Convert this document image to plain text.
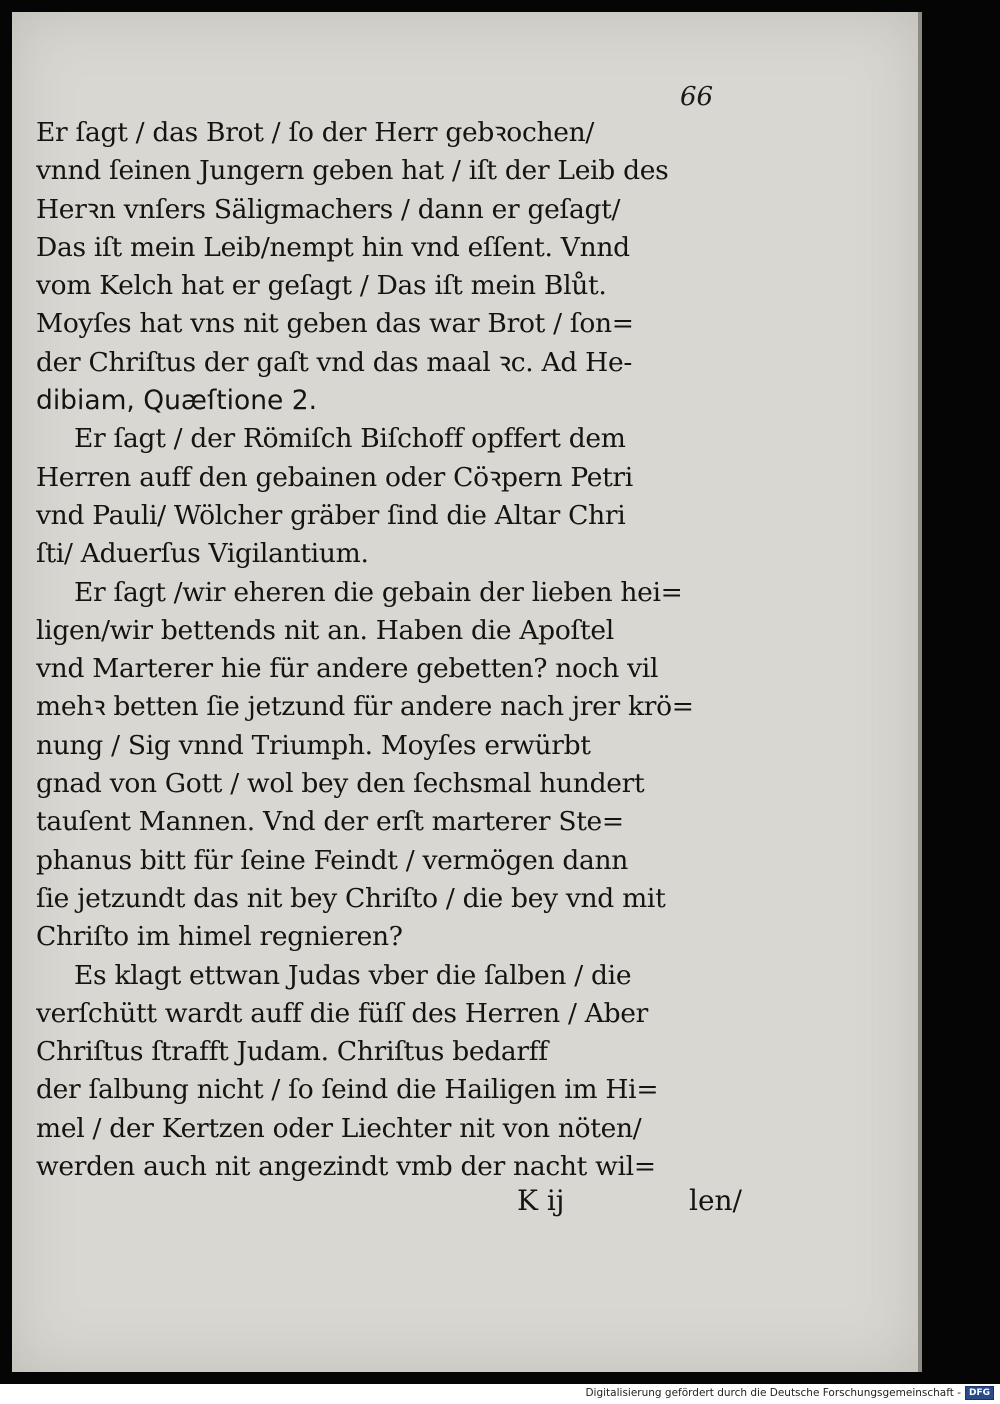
66
Er ſagt / das Brot / ſo der Herr gebꝛochen/
vnnd ſeinen Jungern geben hat / iſt der Leib des
Herꝛn vnſers Säligmachers / dann er geſagt/
Das iſt mein Leib/nempt hin vnd eſſent. Vnnd
vom Kelch hat er geſagt / Das iſt mein Blůt.
Moyſes hat vns nit geben das war Brot / ſon=
der Chriſtus der gaſt vnd das maal ꝛc. Ad He-
dibiam, Quæſtione 2.
Er ſagt / der Römiſch Biſchoff opffert dem
Herren auff den gebainen oder Cöꝛpern Petri
vnd Pauli/ Wölcher gräber ſind die Altar Chri
ſti/ Aduerſus Vigilantium.
Er ſagt /wir eheren die gebain der lieben hei=
ligen/wir bettends nit an. Haben die Apoſtel
vnd Marterer hie für andere gebetten? noch vil
mehꝛ betten ſie jetzund für andere nach jrer krö=
nung / Sig vnnd Triumph. Moyſes erwürbt
gnad von Gott / wol bey den ſechsmal hundert
tauſent Mannen. Vnd der erſt marterer Ste=
phanus bitt für ſeine Feindt / vermögen dann
ſie jetzundt das nit bey Chriſto / die bey vnd mit
Chriſto im himel regnieren?
Es klagt ettwan Judas vber die ſalben / die
verſchütt wardt auff die füſſ des Herren / Aber
Chriſtus ſtrafft Judam. Chriſtus bedarff
der ſalbung nicht / ſo ſeind die Hailigen im Hi=
mel / der Kertzen oder Liechter nit von nöten/
werden auch nit angezindt vmb der nacht wil=
K ij	len/
Digitalisierung gefördert durch die Deutsche Forschungsgemeinschaft - DFG
